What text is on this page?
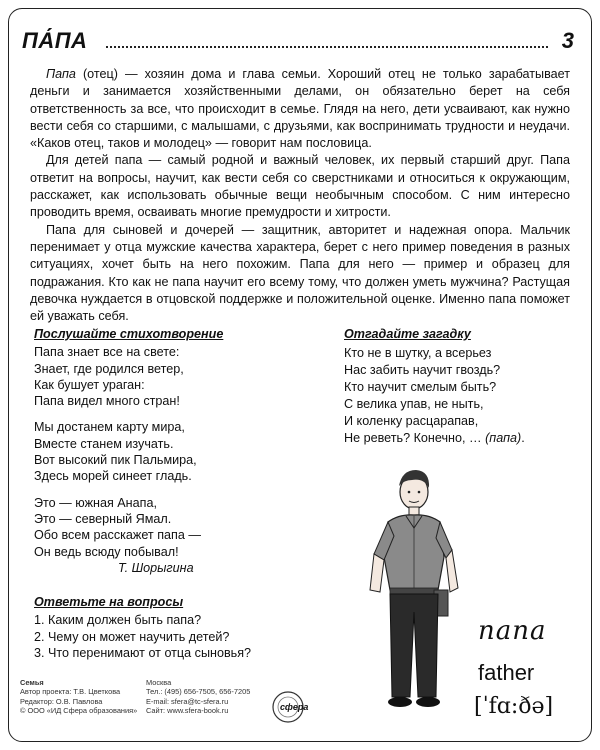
ПА́ПА	3

Папа (отец) — хозяин дома и глава семьи. Хороший отец не только зарабатывает деньги и занимается хозяйственными делами, он обязательно берет на себя ответственность за все, что происходит в семье. Глядя на него, дети усваивают, как нужно вести себя со старшими, с малышами, с друзьями, как воспринимать трудности и неудачи. «Каков отец, таков и молодец» — говорит нам пословица.

Для детей папа — самый родной и важный человек, их первый старший друг. Папа ответит на вопросы, научит, как вести себя со сверстниками и относиться к окружающим, расскажет, как использовать обычные вещи необычным способом. С ним интересно проводить время, осваивать многие премудрости и хитрости.

Папа для сыновей и дочерей — защитник, авторитет и надежная опора. Мальчик перенимает у отца мужские качества характера, берет с него пример поведения в разных ситуациях, хочет быть на него похожим. Папа для него — пример и образец для подражания. Кто как не папа научит его всему тому, что должен уметь мужчина? Растущая девочка нуждается в отцовской поддержке и положительной оценке. Именно папа поможет ей уважать себя.

Послушайте стихотворение
Папа знает все на свете:
Знает, где родился ветер,
Как бушует ураган:
Папа видел много стран!
Мы достанем карту мира,
Вместе станем изучать.
Вот высокий пик Пальмира,
Здесь морей синеет гладь.
Это — южная Анапа,
Это — северный Ямал.
Обо всем расскажет папа —
Он ведь всюду побывал!
Т. Шорыгина
Ответьте на вопросы
1. Каким должен быть папа?
2. Чему он может научить детей?
3. Что перенимают от отца сыновья?
Отгадайте загадку
Кто не в шутку, а всерьез
Нас забить научит гвоздь?
Кто научит смелым быть?
С велика упав, не ныть,
И коленку расцарапав,
Не реветь? Конечно, … (папа).
папа
father
[ˈfɑ:ðə]
Семья
Автор проекта: Т.В. Цветкова
Редактор: О.В. Павлова
© ООО «ИД Сфера образования»
Москва
Тел.: (495) 656-7505, 656-7205
E-mail: sfera@tc-sfera.ru
Сайт: www.sfera-book.ru	сфера
